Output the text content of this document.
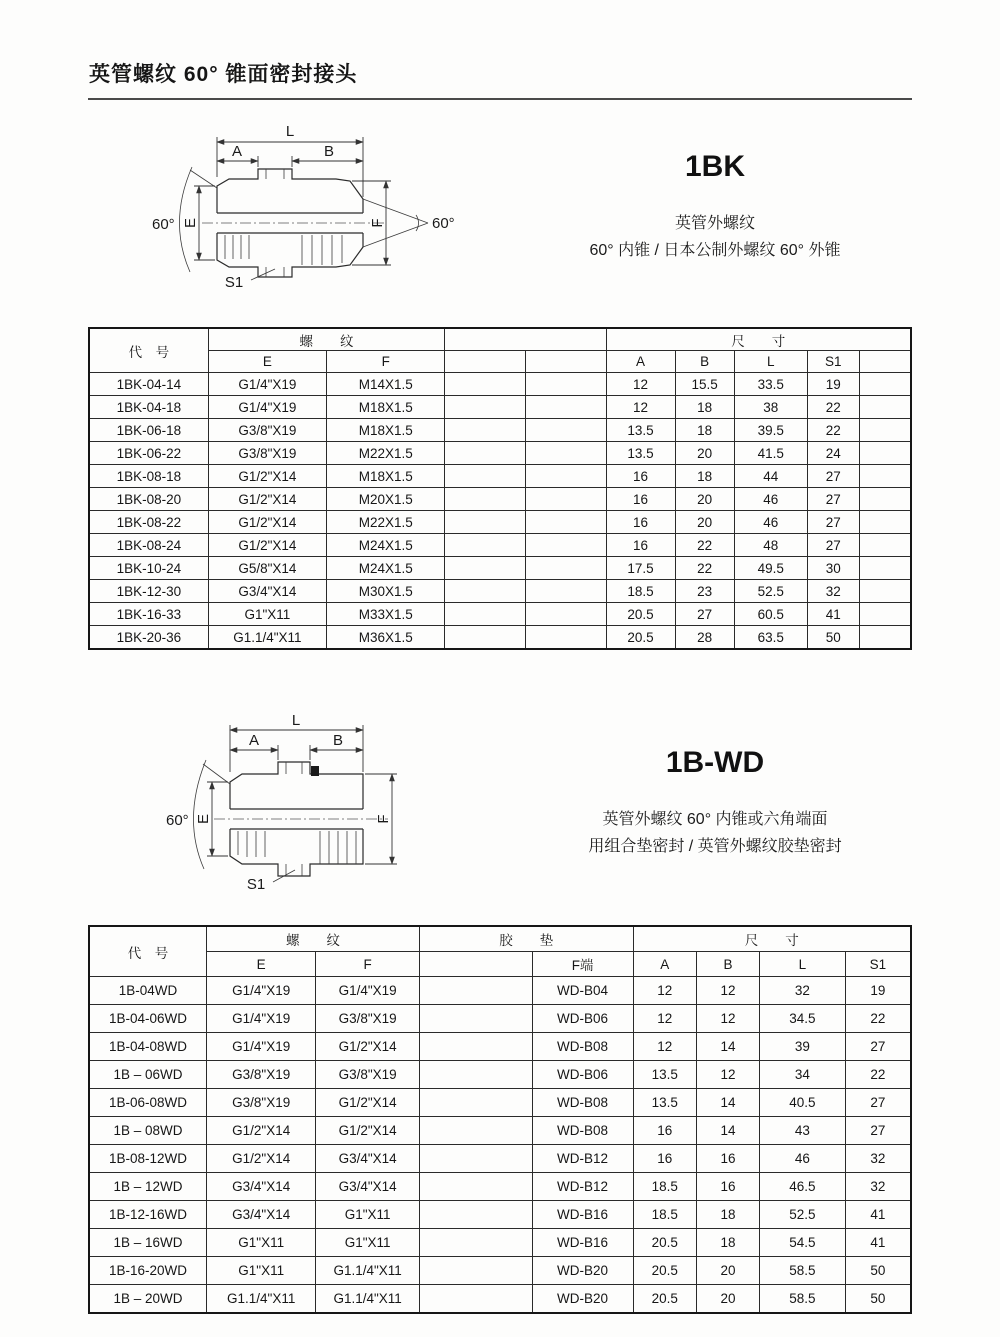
英管螺纹 60° 锥面密封接头
60°
60°
L
A	B
E	F
S1
1BK

英管外螺纹

60° 内锥 / 日本公制外螺纹 60° 外锥

代　号	螺　　纹				尺　　寸				
	E	F			A	B	L	S1	
1BK-04-14	G1/4"X19	M14X1.5			12	15.5	33.5	19	
1BK-04-18	G1/4"X19	M18X1.5			12	18	38	22	
1BK-06-18	G3/8"X19	M18X1.5			13.5	18	39.5	22	
1BK-06-22	G3/8"X19	M22X1.5			13.5	20	41.5	24	
1BK-08-18	G1/2"X14	M18X1.5			16	18	44	27	
1BK-08-20	G1/2"X14	M20X1.5			16	20	46	27	
1BK-08-22	G1/2"X14	M22X1.5			16	20	46	27	
1BK-08-24	G1/2"X14	M24X1.5			16	22	48	27	
1BK-10-24	G5/8"X14	M24X1.5			17.5	22	49.5	30	
1BK-12-30	G3/4"X14	M30X1.5			18.5	23	52.5	32	
1BK-16-33	G1"X11	M33X1.5			20.5	27	60.5	41	
1BK-20-36	G1.1/4"X11	M36X1.5			20.5	28	63.5	50	
60°
L
A	B
E	F
S1
1B-WD

英管外螺纹 60° 内锥或六角端面

用组合垫密封 / 英管外螺纹胶垫密封

代　号	螺　　纹		胶　　垫		尺　　寸			
	E	F		F端	A	B	L	S1
1B-04WD	G1/4"X19	G1/4"X19		WD-B04	12	12	32	19
1B-04-06WD	G1/4"X19	G3/8"X19		WD-B06	12	12	34.5	22
1B-04-08WD	G1/4"X19	G1/2"X14		WD-B08	12	14	39	27
1B – 06WD	G3/8"X19	G3/8"X19		WD-B06	13.5	12	34	22
1B-06-08WD	G3/8"X19	G1/2"X14		WD-B08	13.5	14	40.5	27
1B – 08WD	G1/2"X14	G1/2"X14		WD-B08	16	14	43	27
1B-08-12WD	G1/2"X14	G3/4"X14		WD-B12	16	16	46	32
1B – 12WD	G3/4"X14	G3/4"X14		WD-B12	18.5	16	46.5	32
1B-12-16WD	G3/4"X14	G1"X11		WD-B16	18.5	18	52.5	41
1B – 16WD	G1"X11	G1"X11		WD-B16	20.5	18	54.5	41
1B-16-20WD	G1"X11	G1.1/4"X11		WD-B20	20.5	20	58.5	50
1B – 20WD	G1.1/4"X11	G1.1/4"X11		WD-B20	20.5	20	58.5	50
